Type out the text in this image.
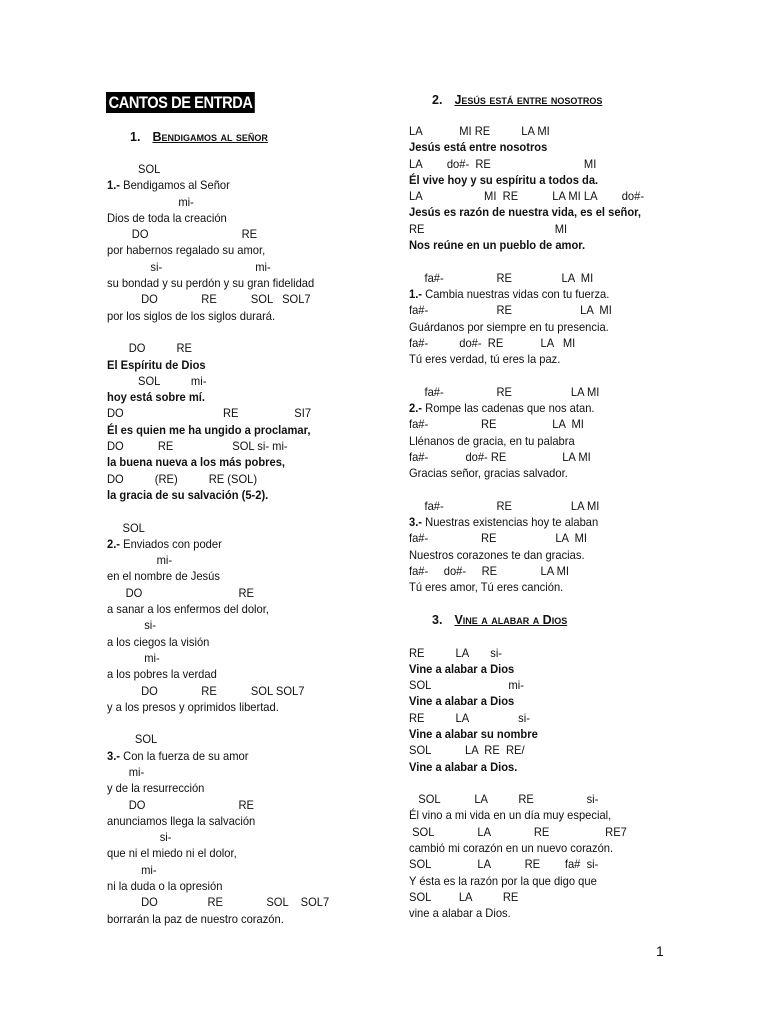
CANTOS DE ENTRDA
1. Bendigamos al señor
2. Jesús está entre nosotros
SOL
1.- Bendigamos al Señor
mi-
Dios de toda la creación
DO                              RE
por habernos regalado su amor,
si-                              mi-
su bondad y su perdón y su gran fidelidad
DO              RE           SOL   SOL7
por los siglos de los siglos durará.
DO          RE
El Espíritu de Dios
SOL          mi-
hoy está sobre mí.
DO                                RE                  SI7
Él es quien me ha ungido a proclamar,
DO           RE                   SOL si- mi-
la buena nueva a los más pobres,
DO          (RE)          RE (SOL)
la gracia de su salvación (5-2).
SOL
2.- Enviados con poder
mi-
en el nombre de Jesús
DO                               RE
a sanar a los enfermos del dolor,
si-
a los ciegos la visión
mi-
a los pobres la verdad
DO              RE           SOL SOL7
y a los presos y oprimidos libertad.
SOL
3.- Con la fuerza de su amor
mi-
y de la resurrección
DO                              RE
anunciamos llega la salvación
si-
que ni el miedo ni el dolor,
mi-
ni la duda o la opresión
DO                RE              SOL    SOL7
borrarán la paz de nuestro corazón.
LA            MI RE          LA MI
Jesús está entre nosotros
LA        do#-  RE                              MI
Él vive hoy y su espíritu a todos da.
LA                    MI  RE           LA MI LA        do#-
Jesús es razón de nuestra vida, es el señor,
RE                                          MI
Nos reúne en un pueblo de amor.
fa#-                 RE                LA  MI
1.- Cambia nuestras vidas con tu fuerza.
fa#-                      RE                      LA  MI
Guárdanos por siempre en tu presencia.
fa#-          do#-  RE            LA   MI
Tú eres verdad, tú eres la paz.
fa#-                 RE                   LA MI
2.- Rompe las cadenas que nos atan.
fa#-                 RE                  LA  MI
Llénanos de gracia, en tu palabra
fa#-            do#- RE                  LA MI
Gracias señor, gracias salvador.
fa#-                 RE                   LA MI
3.- Nuestras existencias hoy te alaban
fa#-                 RE                   LA  MI
Nuestros corazones te dan gracias.
fa#-     do#-     RE              LA MI
Tú eres amor, Tú eres canción.
3. Vine a alabar a Dios
RE          LA       si-
Vine a alabar a Dios
SOL                         mi-
Vine a alabar a Dios
RE          LA                si-
Vine a alabar su nombre
SOL           LA  RE  RE/
Vine a alabar a Dios.
SOL           LA          RE                 si-
Él vino a mi vida en un día muy especial,
SOL              LA              RE                  RE7
cambió mi corazón en un nuevo corazón.
SOL               LA           RE        fa#  si-
Y ésta es la razón por la que digo que
SOL         LA          RE
vine a alabar a Dios.
1
